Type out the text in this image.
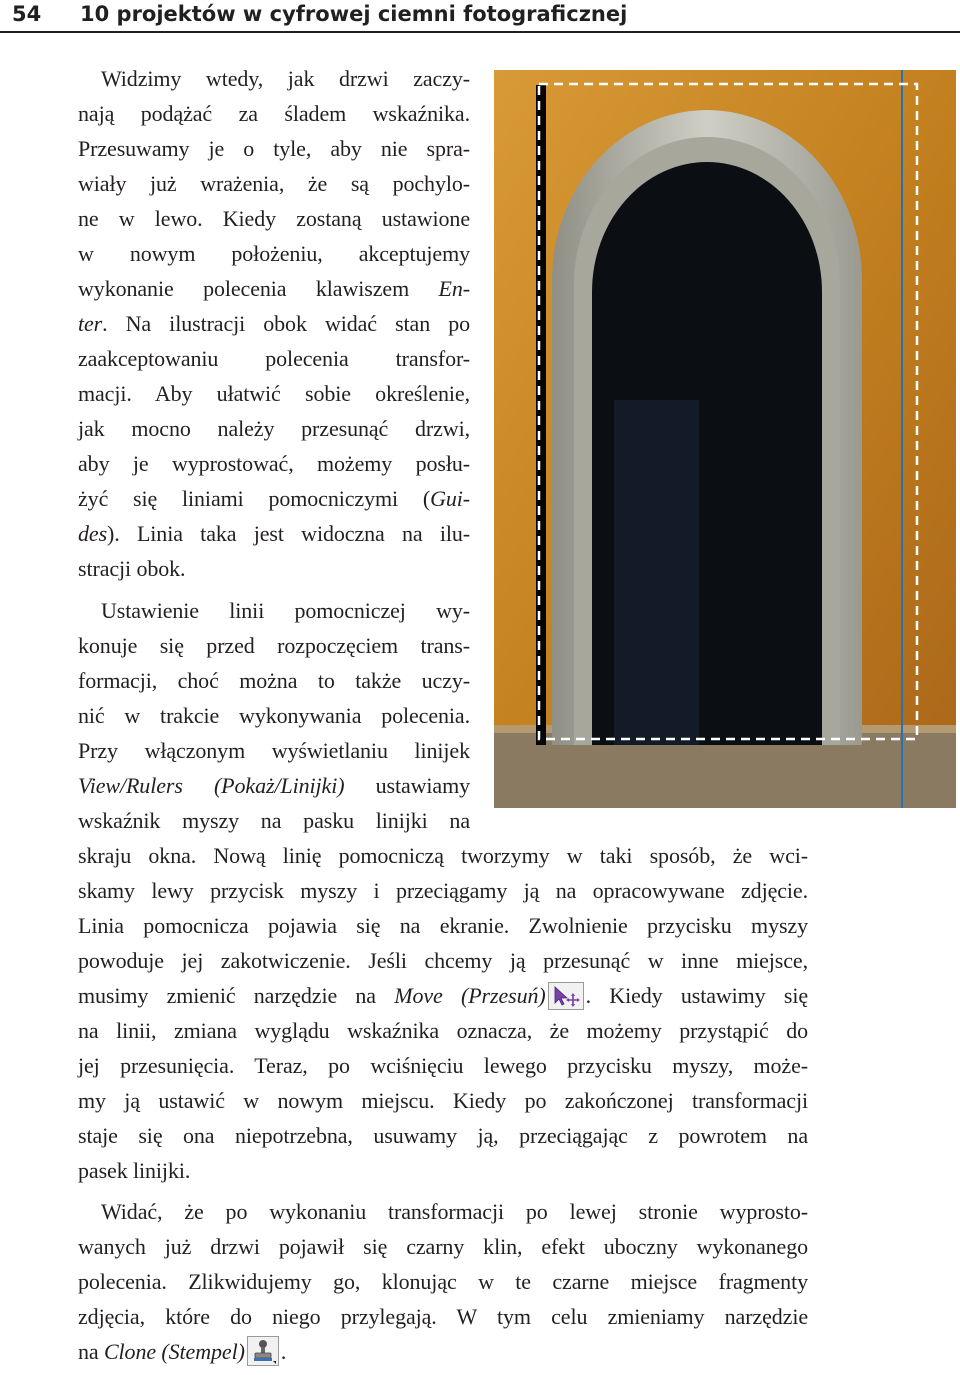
54 10 projektów w cyfrowej ciemni fotograficznej
Widzimy wtedy, jak drzwi zaczy-
nają podążać za śladem wskaźnika.
Przesuwamy je o tyle, aby nie spra-
wiały już wrażenia, że są pochylo-
ne w lewo. Kiedy zostaną ustawione
w nowym położeniu, akceptujemy
wykonanie polecenia klawiszem En-
ter. Na ilustracji obok widać stan po
zaakceptowaniu polecenia transfor-
macji. Aby ułatwić sobie określenie,
jak mocno należy przesunąć drzwi,
aby je wyprostować, możemy posłu-
żyć się liniami pomocniczymi (Gui-
des). Linia taka jest widoczna na ilu-
stracji obok.
Ustawienie linii pomocniczej wy-
konuje się przed rozpoczęciem trans-
formacji, choć można to także uczy-
nić w trakcie wykonywania polecenia.
Przy włączonym wyświetlaniu linijek
View/Rulers (Pokaż/Linijki) ustawiamy
wskaźnik myszy na pasku linijki na
skraju okna. Nową linię pomocniczą tworzymy w taki sposób, że wci-
skamy lewy przycisk myszy i przeciągamy ją na opracowywane zdjęcie.
Linia pomocnicza pojawia się na ekranie. Zwolnienie przycisku myszy
powoduje jej zakotwiczenie. Jeśli chcemy ją przesunąć w inne miejsce,
musimy zmienić narzędzie na Move (Przesuń) . Kiedy ustawimy się
na linii, zmiana wyglądu wskaźnika oznacza, że możemy przystąpić do
jej przesunięcia. Teraz, po wciśnięciu lewego przycisku myszy, może-
my ją ustawić w nowym miejscu. Kiedy po zakończonej transformacji
staje się ona niepotrzebna, usuwamy ją, przeciągając z powrotem na
pasek linijki.
Widać, że po wykonaniu transformacji po lewej stronie wyprosto-
wanych już drzwi pojawił się czarny klin, efekt uboczny wykonanego
polecenia. Zlikwidujemy go, klonując w te czarne miejsce fragmenty
zdjęcia, które do niego przylegają. W tym celu zmieniamy narzędzie
na Clone (Stempel) .
